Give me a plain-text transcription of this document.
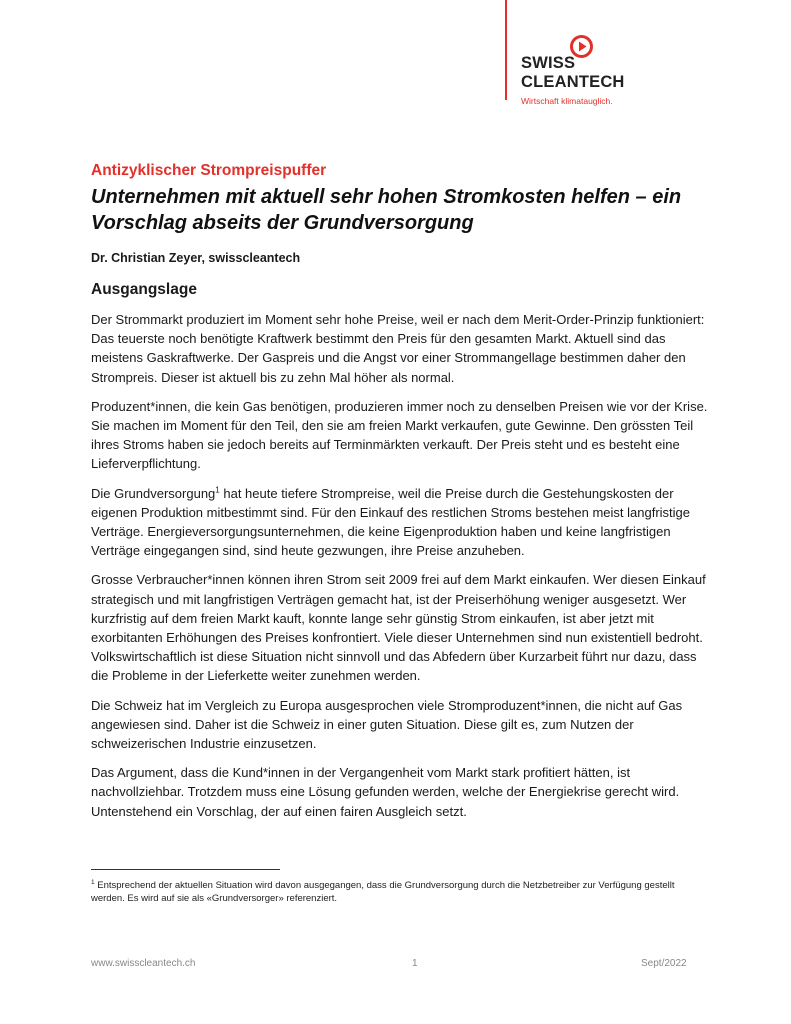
SWISS
CLEANTECH
Wirtschaft klimatauglich.

Antizyklischer Strompreispuffer

Unternehmen mit aktuell sehr hohen Stromkosten helfen – ein Vorschlag abseits der Grundversorgung

Dr. Christian Zeyer, swisscleantech

Ausgangslage

Der Strommarkt produziert im Moment sehr hohe Preise, weil er nach dem Merit-Order-Prinzip funktioniert: Das teuerste noch benötigte Kraftwerk bestimmt den Preis für den gesamten Markt. Aktuell sind das meistens Gaskraftwerke. Der Gaspreis und die Angst vor einer Strommangellage bestimmen daher den Strompreis. Dieser ist aktuell bis zu zehn Mal höher als normal.

Produzent*innen, die kein Gas benötigen, produzieren immer noch zu denselben Preisen wie vor der Krise. Sie machen im Moment für den Teil, den sie am freien Markt verkaufen, gute Gewinne. Den grössten Teil ihres Stroms haben sie jedoch bereits auf Terminmärkten verkauft. Der Preis steht und es besteht eine Lieferverpflichtung.

Die Grundversorgung$^1$ hat heute tiefere Strompreise, weil die Preise durch die Gestehungskosten der eigenen Produktion mitbestimmt sind. Für den Einkauf des restlichen Stroms bestehen meist langfristige Verträge. Energieversorgungsunternehmen, die keine Eigenproduktion haben und keine langfristigen Verträge eingegangen sind, sind heute gezwungen, ihre Preise anzuheben.

Grosse Verbraucher*innen können ihren Strom seit 2009 frei auf dem Markt einkaufen. Wer diesen Einkauf strategisch und mit langfristigen Verträgen gemacht hat, ist der Preiserhöhung weniger ausgesetzt. Wer kurzfristig auf dem freien Markt kauft, konnte lange sehr günstig Strom einkaufen, ist aber jetzt mit exorbitanten Erhöhungen des Preises konfrontiert. Viele dieser Unternehmen sind nun existentiell bedroht. Volkswirtschaftlich ist diese Situation nicht sinnvoll und das Abfedern über Kurzarbeit führt nur dazu, dass die Probleme in der Lieferkette weiter zunehmen werden.

Die Schweiz hat im Vergleich zu Europa ausgesprochen viele Stromproduzent*innen, die nicht auf Gas angewiesen sind. Daher ist die Schweiz in einer guten Situation. Diese gilt es, zum Nutzen der schweizerischen Industrie einzusetzen.

Das Argument, dass die Kund*innen in der Vergangenheit vom Markt stark profitiert hätten, ist nachvollziehbar. Trotzdem muss eine Lösung gefunden werden, welche der Energiekrise gerecht wird. Untenstehend ein Vorschlag, der auf einen fairen Ausgleich setzt.

$^1$ Entsprechend der aktuellen Situation wird davon ausgegangen, dass die Grundversorgung durch die Netzbetreiber zur Verfügung gestellt werden. Es wird auf sie als «Grundversorger» referenziert.

www.swisscleantech.ch	1	Sept/2022
